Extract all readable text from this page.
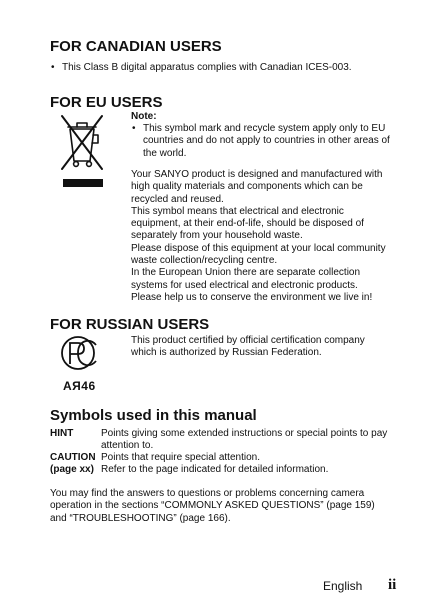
FOR CANADIAN USERS
• This Class B digital apparatus complies with Canadian ICES-003.
FOR EU USERS
Note:
• This symbol mark and recycle system apply only to EU countries and do not apply to countries in other areas of the world.
Your SANYO product is designed and manufactured with high quality materials and components which can be recycled and reused.
This symbol means that electrical and electronic equipment, at their end-of-life, should be disposed of separately from your household waste.
Please dispose of this equipment at your local community waste collection/recycling centre.
In the European Union there are separate collection systems for used electrical and electronic products.
Please help us to conserve the environment we live in!
FOR RUSSIAN USERS
AЯ46
This product certified by official certification company which is authorized by Russian Federation.
Symbols used in this manual
HINT	Points giving some extended instructions or special points to pay attention to.
CAUTION Points that require special attention.
(page xx) Refer to the page indicated for detailed information.
You may find the answers to questions or problems concerning camera operation in the sections “COMMONLY ASKED QUESTIONS” (page 159) and “TROUBLESHOOTING” (page 166).
English ii
